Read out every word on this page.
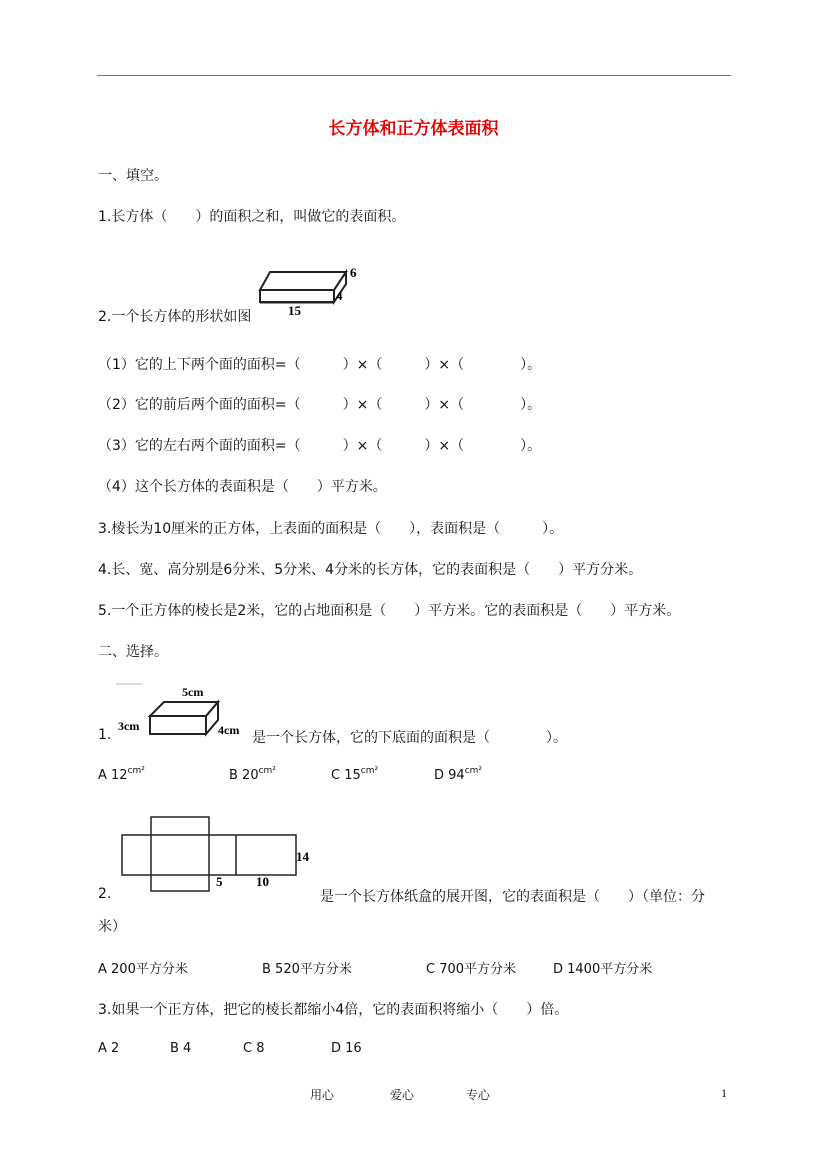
长方体和正方体表面积
一、填空。
1.长方体（　　）的面积之和，叫做它的表面积。
6
4
15
2.一个长方体的形状如图
（1）它的上下两个面的面积=（　　　）×（　　　）×（　　　　）。
（2）它的前后两个面的面积=（　　　）×（　　　）×（　　　　）。
（3）它的左右两个面的面积=（　　　）×（　　　）×（　　　　）。
（4）这个长方体的表面积是（　　）平方米。
3.棱长为10厘米的正方体，上表面的面积是（　　），表面积是（　　　）。
4.长、宽、高分别是6分米、5分米、4分米的长方体，它的表面积是（　　）平方分米。
5.一个正方体的棱长是2米，它的占地面积是（　　）平方米。它的表面积是（　　）平方米。
二、选择。
5cm
3cm	4cm
1.	是一个长方体，它的下底面的面积是（　　　　）。
A $12^{cm^2}$	B $20^{cm^2}$	C $15^{cm^2}$	D $94^{cm^2}$
5	10
14
2.	是一个长方体纸盒的展开图，它的表面积是（　　）（单位：分
米）
A 200平方分米	B 520平方分米	C 700平方分米	D 1400平方分米
3.如果一个正方体，把它的棱长都缩小4倍，它的表面积将缩小（　　）倍。
A 2	B 4	C 8	D 16
用心	爱心	专心	1
